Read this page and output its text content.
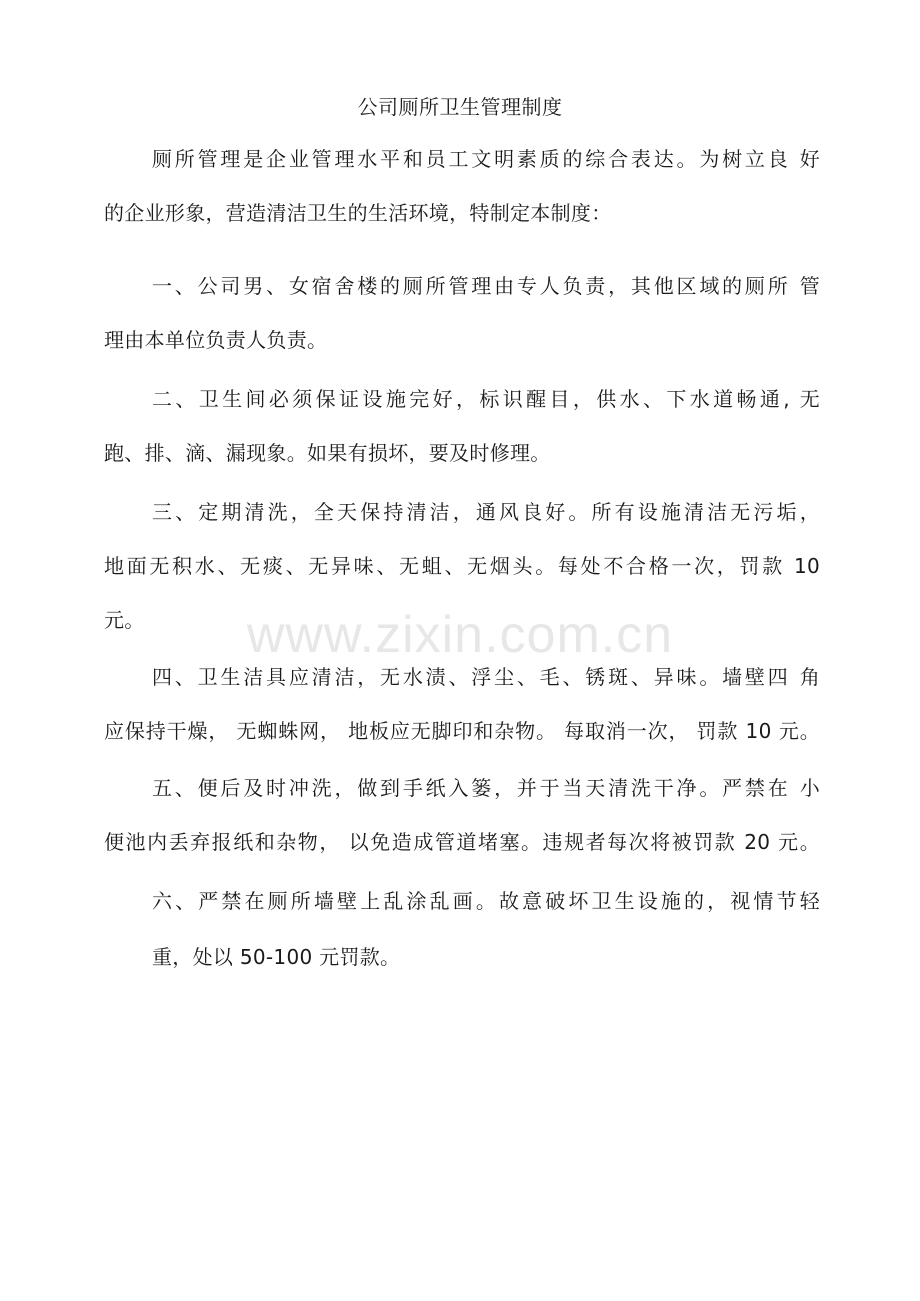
公司厕所卫生管理制度
厕所管理是企业管理水平和员工文明素质的综合表达。为树立良 好
的企业形象，营造清洁卫生的生活环境，特制定本制度：
一、公司男、女宿舍楼的厕所管理由专人负责，其他区域的厕所 管
理由本单位负责人负责。
二、卫生间必须保证设施完好，标识醒目，供水、下水道畅通, 无
跑、排、滴、漏现象。如果有损坏，要及时修理。
三、定期清洗，全天保持清洁，通风良好。所有设施清洁无污垢，
地面无积水、无痰、无异味、无蛆、无烟头。每处不合格一次，罚款 10
元。
四、卫生洁具应清洁，无水渍、浮尘、毛、锈斑、异味。墙壁四 角
应保持干燥， 无蜘蛛网， 地板应无脚印和杂物。 每取消一次， 罚款 10 元。
五、便后及时冲洗，做到手纸入篓，并于当天清洗干净。严禁在 小
便池内丢弃报纸和杂物， 以免造成管道堵塞。违规者每次将被罚款 20 元。
六、严禁在厕所墙壁上乱涂乱画。故意破坏卫生设施的，视情节轻
重，处以 50-100 元罚款。
www.zixin.com.cn
